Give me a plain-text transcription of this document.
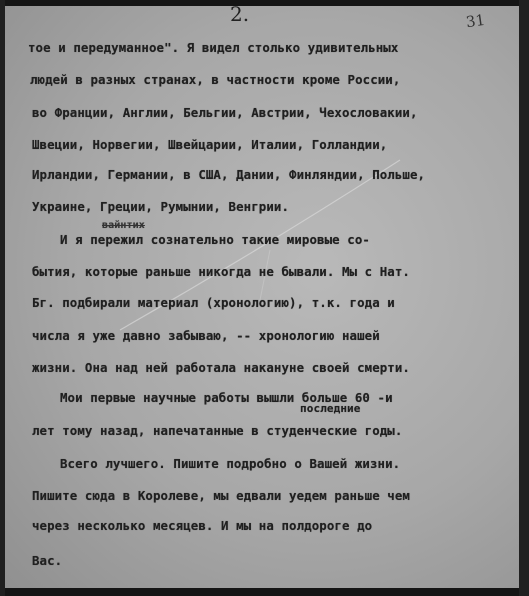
2.	31
тое и передуманное". Я видел столько удивительных
людей в разных странах, в частности кроме России,
во Франции, Англии, Бельгии, Австрии, Чехословакии,
Швеции, Норвегии, Швейцарии, Италии, Голландии,
Ирландии, Германии, в США, Дании, Финляндии, Польше,
Украине, Греции, Румынии, Венгрии.
И я пережил сознательно такие мировые со-
вайнтих
бытия, которые раньше никогда не бывали. Мы с Нат.
Бг. подбирали материал (хронологию), т.к. года и
числа я уже давно забываю, -- хронологию нашей
жизни. Она над ней работала накануне своей смерти.
последние
Мои первые научные работы вышли больше 60 -и
лет тому назад, напечатанные в студенческие годы.
Всего лучшего. Пишите подробно о Вашей жизни.
Пишите сюда в Королеве, мы едвали уедем раньше чем
через несколько месяцев. И мы на полдороге до
Вас.
